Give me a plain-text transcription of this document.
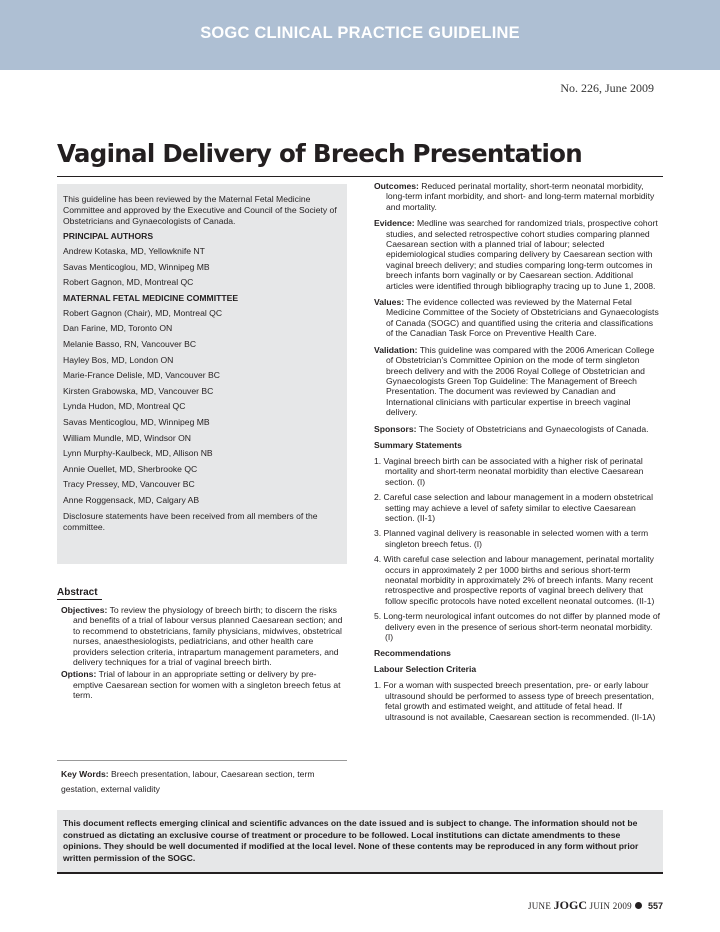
SOGC CLINICAL PRACTICE GUIDELINE
No. 226, June 2009
Vaginal Delivery of Breech Presentation

This guideline has been reviewed by the Maternal Fetal Medicine Committee and approved by the Executive and Council of the Society of Obstetricians and Gynaecologists of Canada.

PRINCIPAL AUTHORS

Andrew Kotaska, MD, Yellowknife NT

Savas Menticoglou, MD, Winnipeg MB

Robert Gagnon, MD, Montreal QC

MATERNAL FETAL MEDICINE COMMITTEE

Robert Gagnon (Chair), MD, Montreal QC

Dan Farine, MD, Toronto ON

Melanie Basso, RN, Vancouver BC

Hayley Bos, MD, London ON

Marie-France Delisle, MD, Vancouver BC

Kirsten Grabowska, MD, Vancouver BC

Lynda Hudon, MD, Montreal QC

Savas Menticoglou, MD, Winnipeg MB

William Mundle, MD, Windsor ON

Lynn Murphy-Kaulbeck, MD, Allison NB

Annie Ouellet, MD, Sherbrooke QC

Tracy Pressey, MD, Vancouver BC

Anne Roggensack, MD, Calgary AB

Disclosure statements have been received from all members of the committee.

Abstract

Objectives: To review the physiology of breech birth; to discern the risks and benefits of a trial of labour versus planned Caesarean section; and to recommend to obstetricians, family physicians, midwives, obstetrical nurses, anaesthesiologists, pediatricians, and other health care providers selection criteria, intrapartum management parameters, and delivery techniques for a trial of vaginal breech birth.

Options: Trial of labour in an appropriate setting or delivery by pre-emptive Caesarean section for women with a singleton breech fetus at term.

Key Words: Breech presentation, labour, Caesarean section, term gestation, external validity

Outcomes: Reduced perinatal mortality, short-term neonatal morbidity, long-term infant morbidity, and short- and long-term maternal morbidity and mortality.

Evidence: Medline was searched for randomized trials, prospective cohort studies, and selected retrospective cohort studies comparing planned Caesarean section with a planned trial of labour; selected epidemiological studies comparing delivery by Caesarean section with vaginal breech delivery; and studies comparing long-term outcomes in breech infants born vaginally or by Caesarean section. Additional articles were identified through bibliography tracing up to June 1, 2008.

Values: The evidence collected was reviewed by the Maternal Fetal Medicine Committee of the Society of Obstetricians and Gynaecologists of Canada (SOGC) and quantified using the criteria and classifications of the Canadian Task Force on Preventive Health Care.

Validation: This guideline was compared with the 2006 American College of Obstetrician’s Committee Opinion on the mode of term singleton breech delivery and with the 2006 Royal College of Obstetrician and Gynaecologists Green Top Guideline: The Management of Breech Presentation. The document was reviewed by Canadian and International clinicians with particular expertise in breech vaginal delivery.

Sponsors: The Society of Obstetricians and Gynaecologists of Canada.

Summary Statements

1. Vaginal breech birth can be associated with a higher risk of perinatal mortality and short-term neonatal morbidity than elective Caesarean section. (I)

2. Careful case selection and labour management in a modern obstetrical setting may achieve a level of safety similar to elective Caesarean section. (II-1)

3. Planned vaginal delivery is reasonable in selected women with a term singleton breech fetus. (I)

4. With careful case selection and labour management, perinatal mortality occurs in approximately 2 per 1000 births and serious short-term neonatal morbidity in approximately 2% of breech infants. Many recent retrospective and prospective reports of vaginal breech delivery that follow specific protocols have noted excellent neonatal outcomes. (II-1)

5. Long-term neurological infant outcomes do not differ by planned mode of delivery even in the presence of serious short-term neonatal morbidity. (I)

Recommendations

Labour Selection Criteria

1. For a woman with suspected breech presentation, pre- or early labour ultrasound should be performed to assess type of breech presentation, fetal growth and estimated weight, and attitude of fetal head. If ultrasound is not available, Caesarean section is recommended. (II-1A)

This document reflects emerging clinical and scientific advances on the date issued and is subject to change. The information should not be construed as dictating an exclusive course of treatment or procedure to be followed. Local institutions can dictate amendments to these opinions. They should be well documented if modified at the local level. None of these contents may be reproduced in any form without prior written permission of the SOGC.
JUNE JOGC JUIN 2009 557
